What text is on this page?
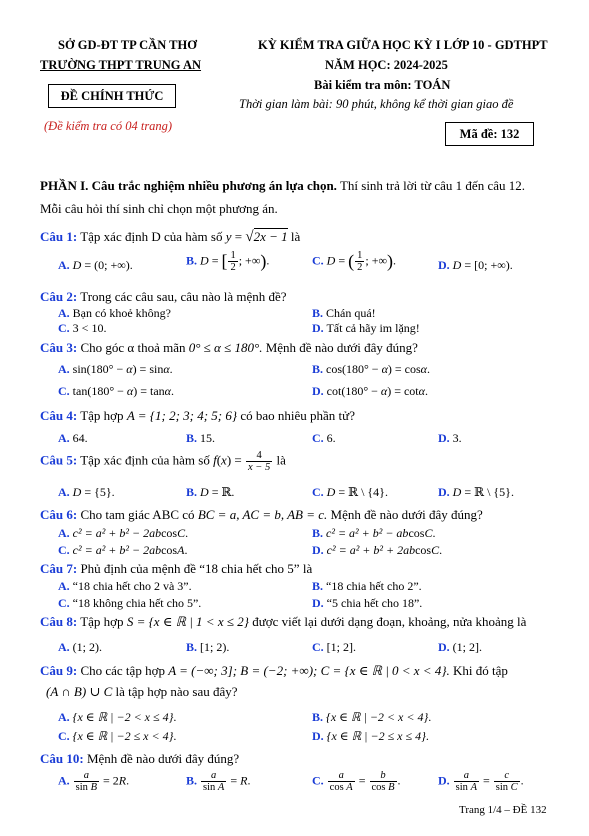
SỞ GD-ĐT TP CẦN THƠ
TRƯỜNG THPT TRUNG AN
ĐỀ CHÍNH THỨC
(Đề kiểm tra có 04 trang)
KỲ KIỂM TRA GIỮA HỌC KỲ I LỚP 10 - GDTHPT
NĂM HỌC: 2024-2025
Bài kiểm tra môn: TOÁN
Thời gian làm bài: 90 phút, không kể thời gian giao đề
Mã đề: 132
PHẦN I. Câu trắc nghiệm nhiều phương án lựa chọn. Thí sinh trả lời từ câu 1 đến câu 12.
Mỗi câu hỏi thí sinh chỉ chọn một phương án.
Câu 1: Tập xác định D của hàm số y = √2x − 1 là
A. D = (0; +∞).	B. D = [ $\frac{1}{2}$ ; +∞).	C. D = ( $\frac{1}{2}$ ; +∞).	D. D = [0; +∞).
Câu 2: Trong các câu sau, câu nào là mệnh đề?
A. Bạn có khoẻ không?	B. Chán quá!
C. 3 < 10.	D. Tất cả hãy im lặng!
Câu 3: Cho góc α thoả mãn 0° ≤ α ≤ 180°. Mệnh đề nào dưới đây đúng?
A. sin(180° − α) = sinα.	B. cos(180° − α) = cosα.
C. tan(180° − α) = tanα.	D. cot(180° − α) = cotα.
Câu 4: Tập hợp A = {1; 2; 3; 4; 5; 6} có bao nhiêu phần tử?
A. 64.	B. 15.	C. 6.	D. 3.
Câu 5: Tập xác định của hàm số $f(x) = \frac{4}{x - 5}$ là
A. D = {5}.	B. D = ℝ.	C. D = ℝ \ {4}.	D. D = ℝ \ {5}.
Câu 6: Cho tam giác ABC có BC = a, AC = b, AB = c. Mệnh đề nào dưới đây đúng?
A. c² = a² + b² − 2abcosC.	B. c² = a² + b² − abcosC.
C. c² = a² + b² − 2abcosA.	D. c² = a² + b² + 2abcosC.
Câu 7: Phủ định của mệnh đề “18 chia hết cho 5” là
A. “18 chia hết cho 2 và 3”.	B. “18 chia hết cho 2”.
C. “18 không chia hết cho 5”.	D. “5 chia hết cho 18”.
Câu 8: Tập hợp S = {x ∈ ℝ | 1 < x ≤ 2} được viết lại dưới dạng đoạn, khoảng, nửa khoảng là
A. (1; 2).	B. [1; 2).	C. [1; 2].	D. (1; 2].
Câu 9: Cho các tập hợp A = (−∞; 3]; B = (−2; +∞); C = {x ∈ ℝ | 0 < x < 4}. Khi đó tập
(A ∩ B) ∪ C là tập hợp nào sau đây?
A. {x ∈ ℝ | −2 < x ≤ 4}.	B. {x ∈ ℝ | −2 < x < 4}.
C. {x ∈ ℝ | −2 ≤ x < 4}.	D. {x ∈ ℝ | −2 ≤ x ≤ 4}.
Câu 10: Mệnh đề nào dưới đây đúng?
A. $\frac{a}{\text{sin B}} = 2R$.	B. $\frac{a}{\text{sin A}} = R$.	C. $\frac{a}{\text{cos A}} = \frac{b}{\text{cos B}}$ .	D. $\frac{a}{\text{sin A}} = \frac{c}{\text{sin C}}$ .
Trang 1/4 – ĐỀ 132
